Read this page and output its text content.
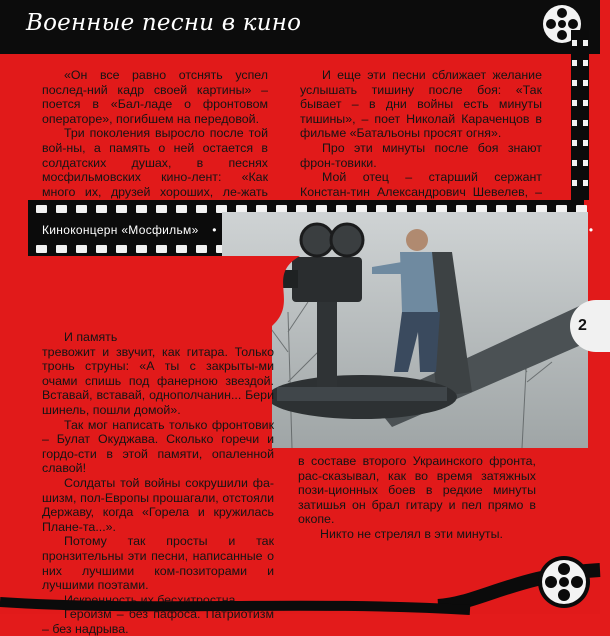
Военные песни в кино

«Он все равно отснять успел послед-ний кадр своей картины» – поется в «Бал-ладе о фронтовом операторе», погибшем на передовой.

Три поколения выросло после той вой-ны, а память о ней остается в солдатских душах, в песнях мосфильмовских кино-лент: «Как много их, друзей хороших, ле-жать

И еще эти песни сближает желание услышать тишину после боя: «Так бывает – в дни войны есть минуты тишины», – поет Николай Караченцов в фильме «Батальоны просят огня».

Про эти минуты после боя знают фрон-товики.

Мой отец – старший сержант Констан-тин Александрович Шевелев, –

Киноконцерн «Мосфильм» •	•

И память

тревожит и звучит, как гитара. Только тронь струны: «А ты с закрыты-ми очами спишь под фанерною звездой. Вставай, вставай, однополчанин... Бери шинель, пошли домой».

Так мог написать только фронтовик – Булат Окуджава. Сколько горечи и гордо-сти в этой памяти, опаленной славой!

Солдаты той войны сокрушили фа-шизм, пол-Европы прошагали, отстояли Державу, когда «Горела и кружилась Плане-та...».

Потому так просты и так пронзительны эти песни, написанные о них лучшими ком-позиторами и лучшими поэтами.

Искренность их бесхитростна.

Героизм – без пафоса. Патриотизм – без надрыва.

в составе второго Украинского фронта, рас-сказывал, как во время затяжных пози-ционных боев в редкие минуты затишья он брал гитару и пел прямо в окопе.

Никто не стрелял в эти минуты.

2
